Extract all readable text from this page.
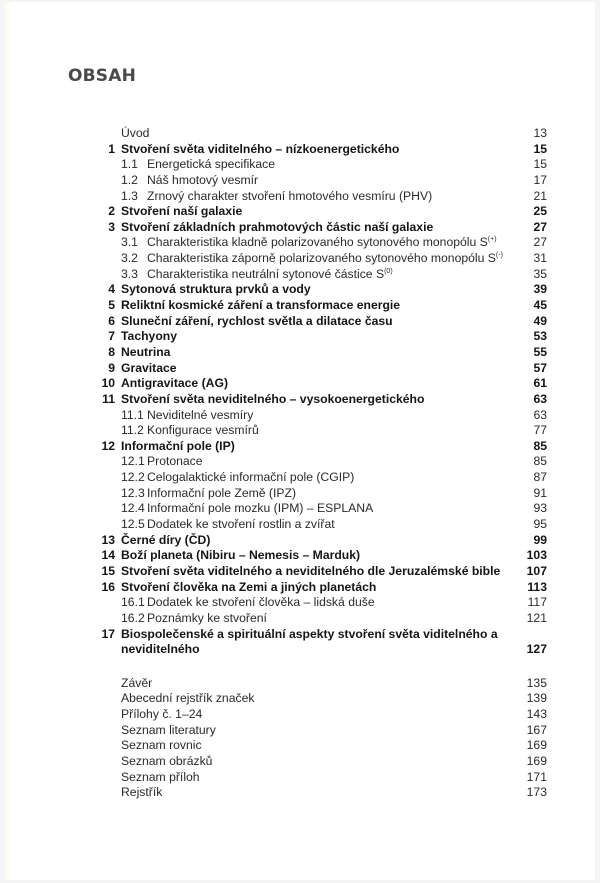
OBSAH
Úvod	13
1 Stvoření světa viditelného – nízkoenergetického	15
1.1 Energetická specifikace	15
1.2 Náš hmotový vesmír	17
1.3 Zrnový charakter stvoření hmotového vesmíru (PHV)	21
2 Stvoření naší galaxie	25
3 Stvoření základních prahmotových částic naší galaxie	27
3.1 Charakteristika kladně polarizovaného sytonového monopólu S(+)	27
3.2 Charakteristika záporně polarizovaného sytonového monopólu S(-)	31
3.3 Charakteristika neutrální sytonové částice $S^{(0)}$	35
4 Sytonová struktura prvků a vody	39
5 Reliktní kosmické záření a transformace energie	45
6 Sluneční záření, rychlost světla a dilatace času	49
7 Tachyony	53
8 Neutrina	55
9 Gravitace	57
10 Antigravitace (AG)	61
11 Stvoření světa neviditelného – vysokoenergetického	63
11.1 Neviditelné vesmíry	63
11.2 Konfigurace vesmírů	77
12 Informační pole (IP)	85
12.1 Protonace	85
12.2 Celogalaktické informační pole (CGIP)	87
12.3 Informační pole Země (IPZ)	91
12.4 Informační pole mozku (IPM) – ESPLANA	93
12.5 Dodatek ke stvoření rostlin a zvířat	95
13 Černé díry (ČD)	99
14 Boží planeta (Nibiru – Nemesis – Marduk)	103
15 Stvoření světa viditelného a neviditelného dle Jeruzalémské bible 107
16 Stvoření člověka na Zemi a jiných planetách	113
16.1 Dodatek ke stvoření člověka – lidská duše	117
16.2 Poznámky ke stvoření	121
17 Biospolečenské a spirituální aspekty stvoření světa viditelného a neviditelného	127
Závěr	135
Abecední rejstřík značek	139
Přílohy č. 1–24	143
Seznam literatury	167
Seznam rovnic	169
Seznam obrázků	169
Seznam příloh	171
Rejstřík	173
